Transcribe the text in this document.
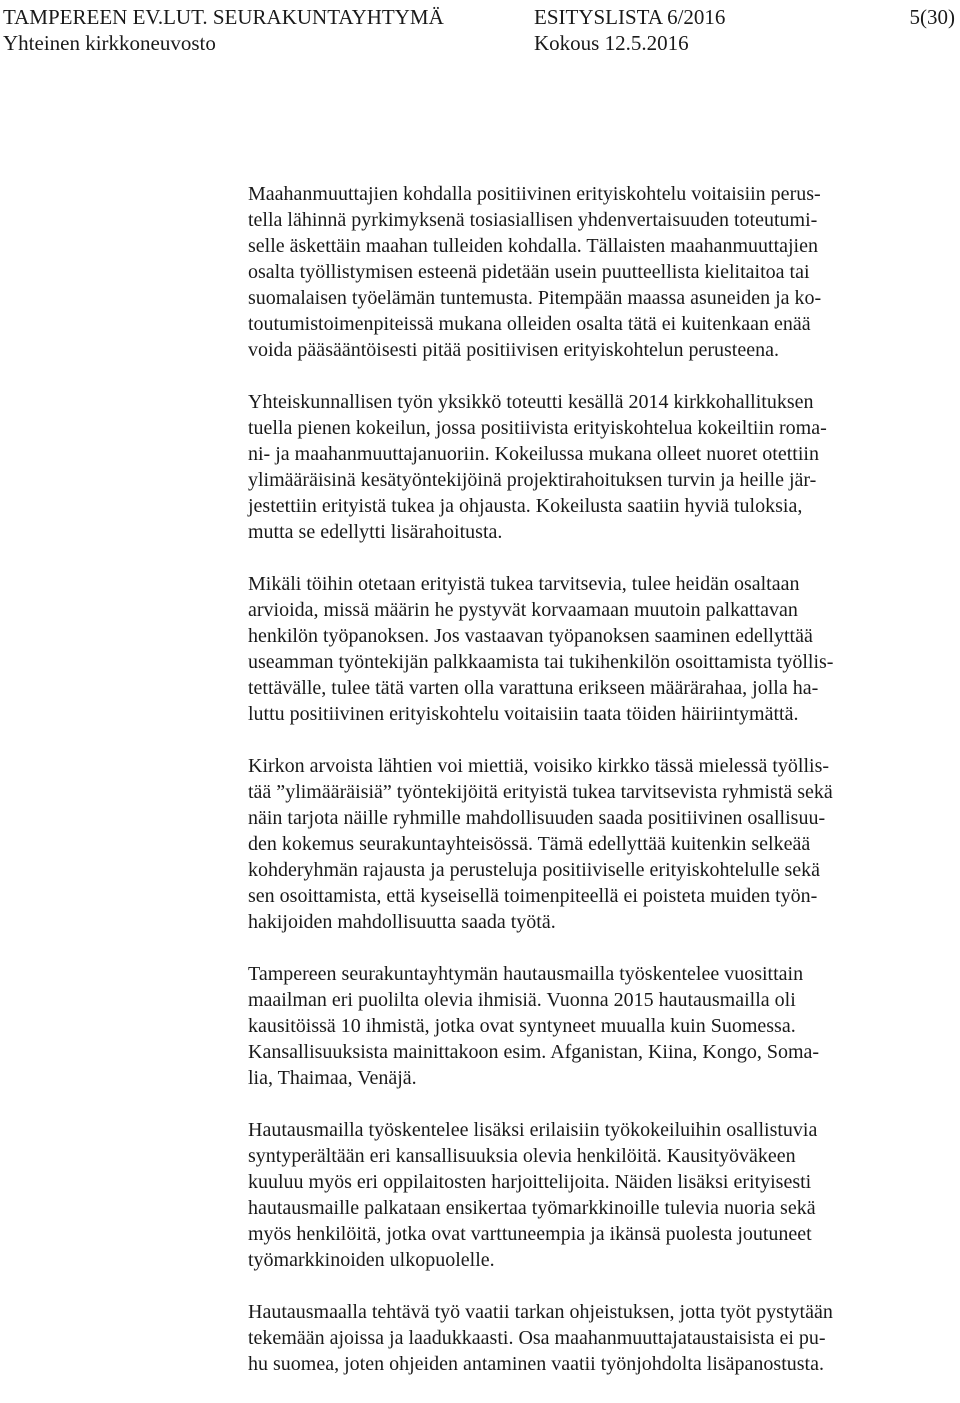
TAMPEREEN EV.LUT. SEURAKUNTAYHTYMÄ	ESITYSLISTA 6/2016	5(30)
Yhteinen kirkkoneuvosto	Kokous 12.5.2016

Maahanmuuttajien kohdalla positiivinen erityiskohtelu voitaisiin perus-
tella lähinnä pyrkimyksenä tosiasiallisen yhdenvertaisuuden toteutumi-
selle äskettäin maahan tulleiden kohdalla. Tällaisten maahanmuuttajien
osalta työllistymisen esteenä pidetään usein puutteellista kielitaitoa tai
suomalaisen työelämän tuntemusta. Pitempään maassa asuneiden ja ko-
toutumistoimenpiteissä mukana olleiden osalta tätä ei kuitenkaan enää
voida pääsääntöisesti pitää positiivisen erityiskohtelun perusteena.

Yhteiskunnallisen työn yksikkö toteutti kesällä 2014 kirkkohallituksen
tuella pienen kokeilun, jossa positiivista erityiskohtelua kokeiltiin roma-
ni- ja maahanmuuttajanuoriin. Kokeilussa mukana olleet nuoret otettiin
ylimääräisinä kesätyöntekijöinä projektirahoituksen turvin ja heille jär-
jestettiin erityistä tukea ja ohjausta. Kokeilusta saatiin hyviä tuloksia,
mutta se edellytti lisärahoitusta.

Mikäli töihin otetaan erityistä tukea tarvitsevia, tulee heidän osaltaan
arvioida, missä määrin he pystyvät korvaamaan muutoin palkattavan
henkilön työpanoksen. Jos vastaavan työpanoksen saaminen edellyttää
useamman työntekijän palkkaamista tai tukihenkilön osoittamista työllis-
tettävälle, tulee tätä varten olla varattuna erikseen määrärahaa, jolla ha-
luttu positiivinen erityiskohtelu voitaisiin taata töiden häiriintymättä.

Kirkon arvoista lähtien voi miettiä, voisiko kirkko tässä mielessä työllis-
tää ”ylimääräisiä” työntekijöitä erityistä tukea tarvitsevista ryhmistä sekä
näin tarjota näille ryhmille mahdollisuuden saada positiivinen osallisuu-
den kokemus seurakuntayhteisössä. Tämä edellyttää kuitenkin selkeää
kohderyhmän rajausta ja perusteluja positiiviselle erityiskohtelulle sekä
sen osoittamista, että kyseisellä toimenpiteellä ei poisteta muiden työn-
hakijoiden mahdollisuutta saada työtä.

Tampereen seurakuntayhtymän hautausmailla työskentelee vuosittain
maailman eri puolilta olevia ihmisiä. Vuonna 2015 hautausmailla oli
kausitöissä 10 ihmistä, jotka ovat syntyneet muualla kuin Suomessa.
Kansallisuuksista mainittakoon esim. Afganistan, Kiina, Kongo, Soma-
lia, Thaimaa, Venäjä.

Hautausmailla työskentelee lisäksi erilaisiin työkokeiluihin osallistuvia
syntyperältään eri kansallisuuksia olevia henkilöitä. Kausityöväkeen
kuuluu myös eri oppilaitosten harjoittelijoita. Näiden lisäksi erityisesti
hautausmaille palkataan ensikertaa työmarkkinoille tulevia nuoria sekä
myös henkilöitä, jotka ovat varttuneempia ja ikänsä puolesta joutuneet
työmarkkinoiden ulkopuolelle.

Hautausmaalla tehtävä työ vaatii tarkan ohjeistuksen, jotta työt pystytään
tekemään ajoissa ja laadukkaasti. Osa maahanmuuttajataustaisista ei pu-
hu suomea, joten ohjeiden antaminen vaatii työnjohdolta lisäpanostusta.
